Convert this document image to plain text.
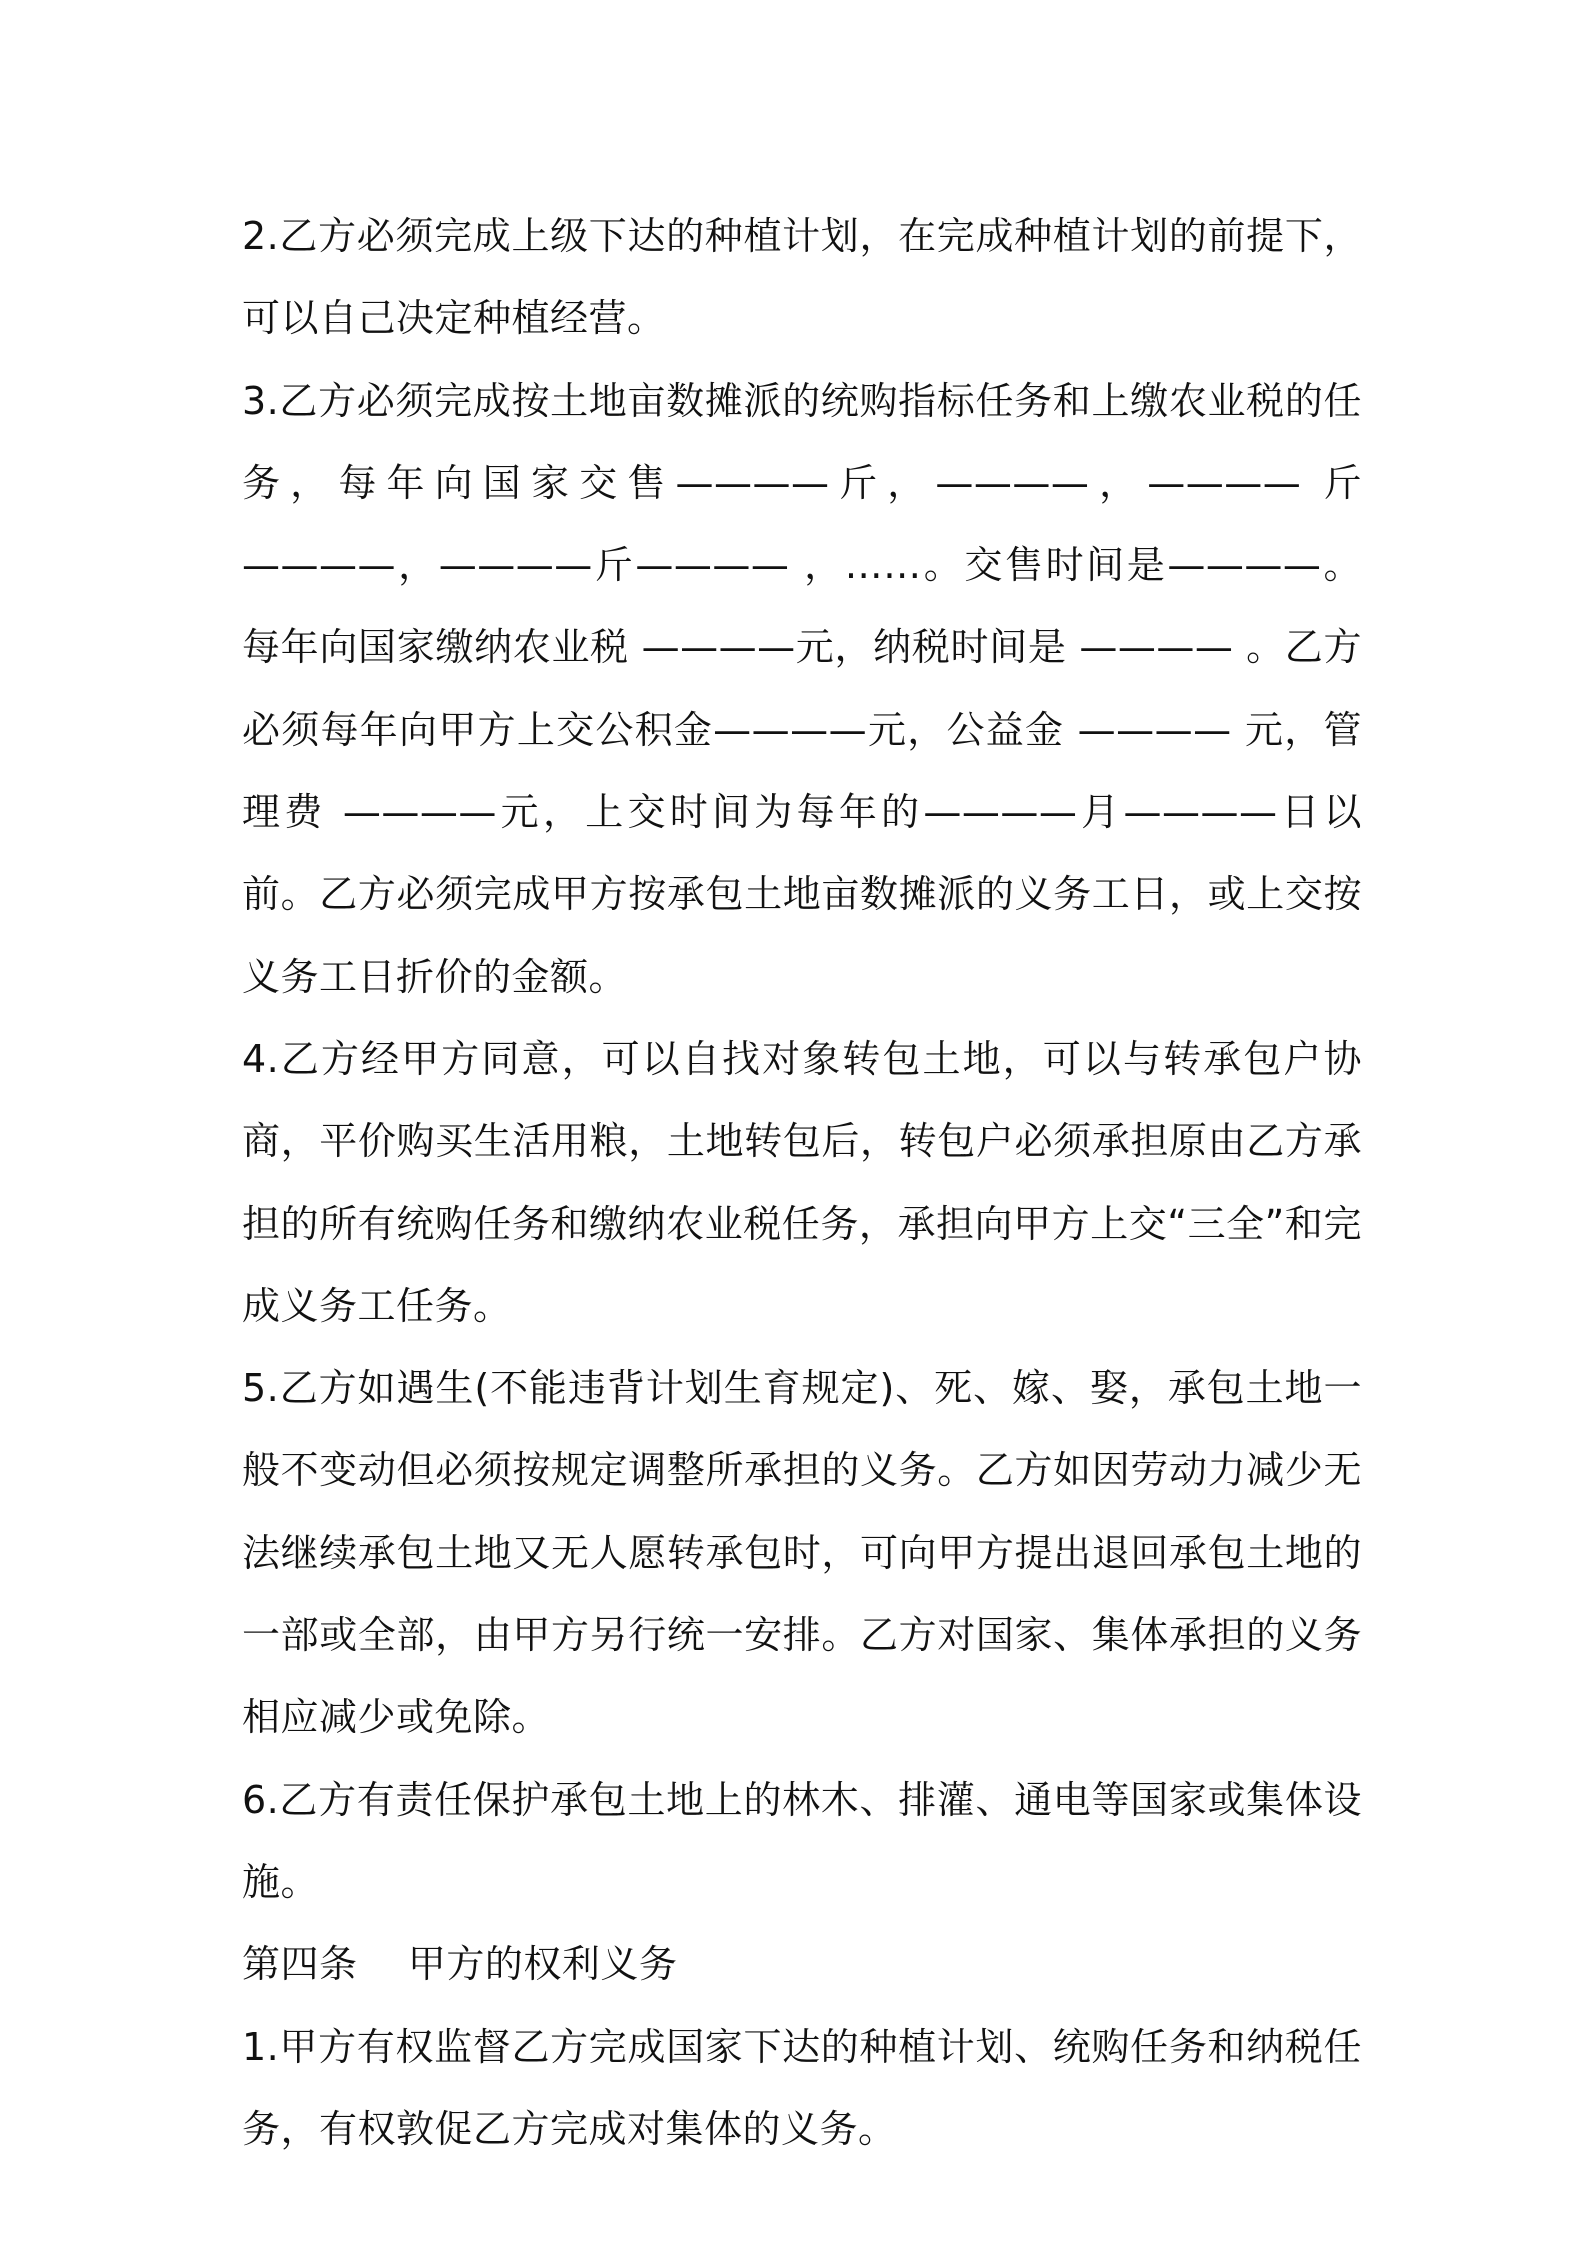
2.乙方必须完成上级下达的种植计划，在完成种植计划的前提下，可以自己决定种植经营。

3.乙方必须完成按土地亩数摊派的统购指标任务和上缴农业税的任务，每年向国家交售————斤，————，———— 斤 ————，————斤———— ，……。交售时间是————。每年向国家缴纳农业税 ————元，纳税时间是 ———— 。乙方必须每年向甲方上交公积金————元，公益金 ———— 元，管理费 ————元，上交时间为每年的————月————日以前。乙方必须完成甲方按承包土地亩数摊派的义务工日，或上交按义务工日折价的金额。

4.乙方经甲方同意，可以自找对象转包土地，可以与转承包户协商，平价购买生活用粮，土地转包后，转包户必须承担原由乙方承担的所有统购任务和缴纳农业税任务，承担向甲方上交“三全”和完成义务工任务。

5.乙方如遇生(不能违背计划生育规定)、死、嫁、娶，承包土地一般不变动但必须按规定调整所承担的义务。乙方如因劳动力减少无法继续承包土地又无人愿转承包时，可向甲方提出退回承包土地的一部或全部，由甲方另行统一安排。乙方对国家、集体承担的义务相应减少或免除。

6.乙方有责任保护承包土地上的林木、排灌、通电等国家或集体设施。

第四条    甲方的权利义务

1.甲方有权监督乙方完成国家下达的种植计划、统购任务和纳税任务，有权敦促乙方完成对集体的义务。
